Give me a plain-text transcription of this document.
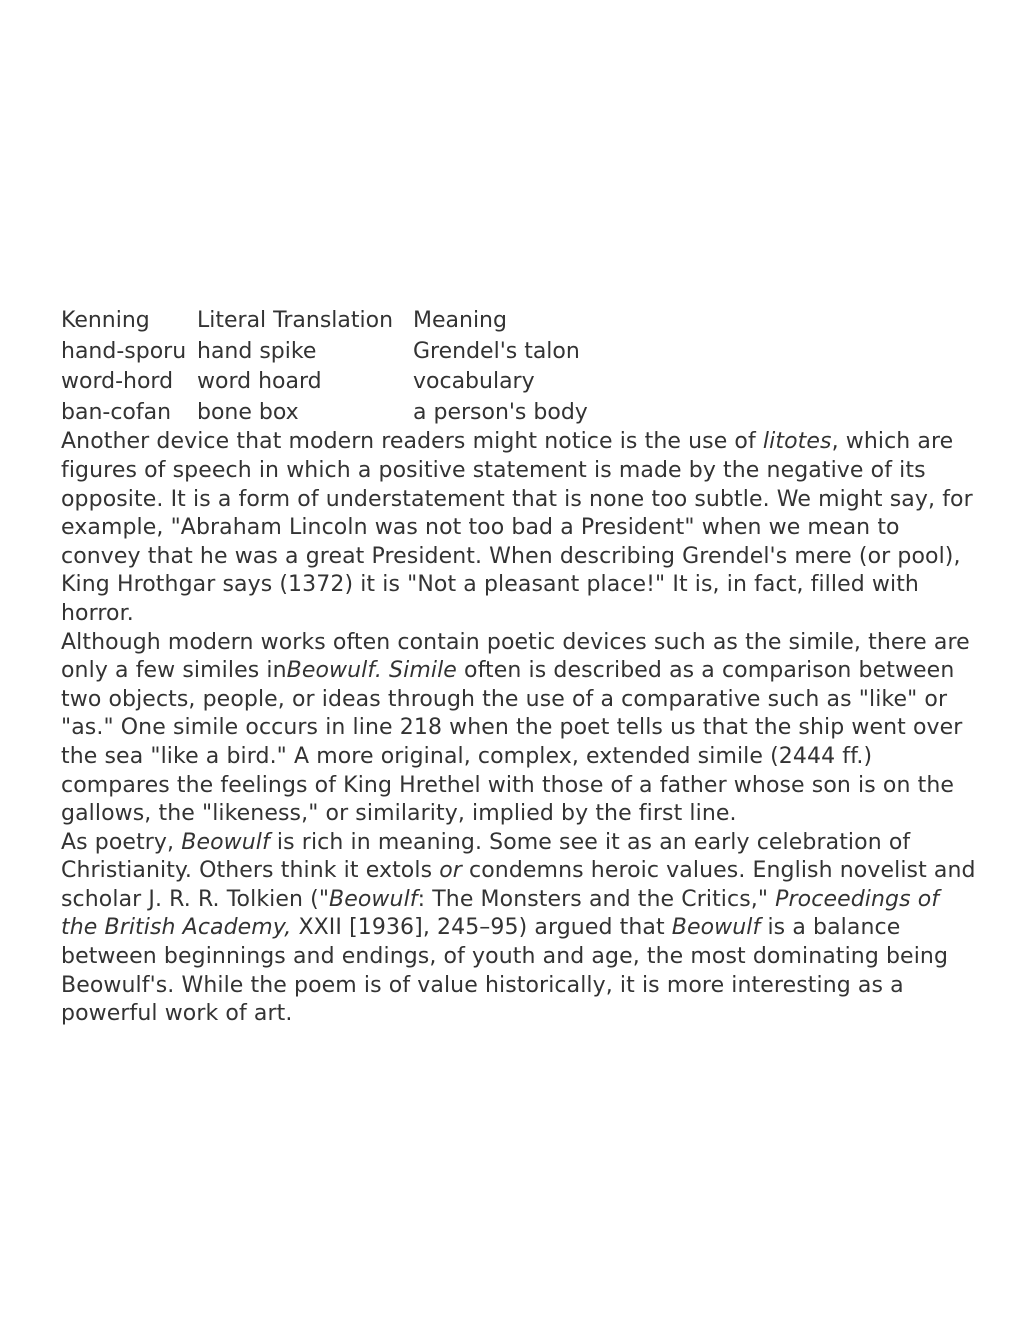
Kenning	Literal Translation	Meaning
hand-sporu	hand spike	Grendel's talon
word-hord	word hoard	vocabulary
ban-cofan	bone box	a person's body

Another device that modern readers might notice is the use of litotes, which are figures of speech in which a positive statement is made by the negative of its opposite. It is a form of understatement that is none too subtle. We might say, for example, "Abraham Lincoln was not too bad a President" when we mean to convey that he was a great President. When describing Grendel's mere (or pool), King Hrothgar says (1372) it is "Not a pleasant place!" It is, in fact, filled with horror.

Although modern works often contain poetic devices such as the simile, there are only a few similes inBeowulf. Simile often is described as a comparison between two objects, people, or ideas through the use of a comparative such as "like" or "as." One simile occurs in line 218 when the poet tells us that the ship went over the sea "like a bird." A more original, complex, extended simile (2444 ff.) compares the feelings of King Hrethel with those of a father whose son is on the gallows, the "likeness," or similarity, implied by the first line.

As poetry, Beowulf is rich in meaning. Some see it as an early celebration of Christianity. Others think it extols or condemns heroic values. English novelist and scholar J. R. R. Tolkien ("Beowulf: The Monsters and the Critics," Proceedings of the British Academy, XXII [1936], 245–95) argued that Beowulf is a balance between beginnings and endings, of youth and age, the most dominating being Beowulf's. While the poem is of value historically, it is more interesting as a powerful work of art.
